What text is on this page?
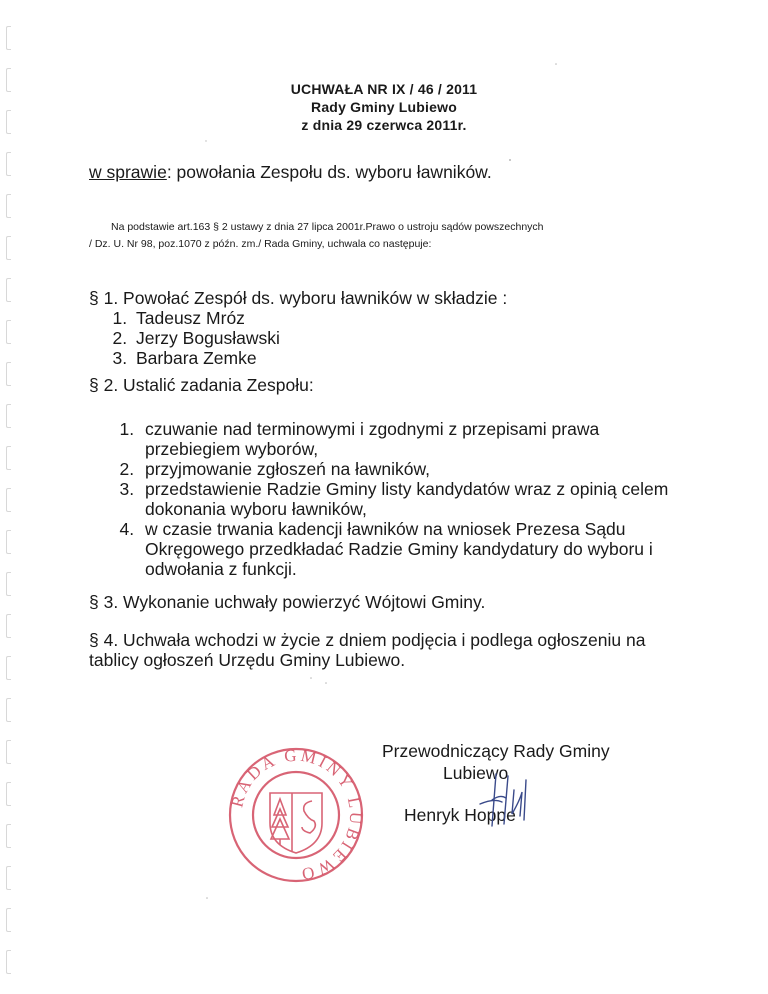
UCHWAŁA NR IX / 46 / 2011
Rady Gminy Lubiewo
z dnia 29 czerwca 2011r.
w sprawie: powołania Zespołu ds. wyboru ławników.
Na podstawie art.163 § 2 ustawy z dnia 27 lipca 2001r.Prawo o ustroju sądów powszechnych
/ Dz. U. Nr 98, poz.1070 z późn. zm./ Rada Gminy, uchwala co następuje:
§ 1. Powołać Zespół ds. wyboru ławników w składzie :
1. Tadeusz Mróz
2. Jerzy Bogusławski
3. Barbara Zemke
§ 2. Ustalić zadania Zespołu:
1. czuwanie nad terminowymi i zgodnymi z przepisami prawa przebiegiem wyborów,
2. przyjmowanie zgłoszeń na ławników,
3. przedstawienie Radzie Gminy listy kandydatów wraz z opinią celem dokonania wyboru ławników,
4. w czasie trwania kadencji ławników na wniosek Prezesa Sądu Okręgowego przedkładać Radzie Gminy kandydatury do wyboru i odwołania z funkcji.
§ 3. Wykonanie uchwały powierzyć Wójtowi Gminy.
§ 4. Uchwała wchodzi w życie z dniem podjęcia i podlega ogłoszeniu na tablicy ogłoszeń Urzędu Gminy Lubiewo.
RADA GMINY LUBIEWO
Przewodniczący Rady Gminy
Lubiewo
Henryk Hoppe
